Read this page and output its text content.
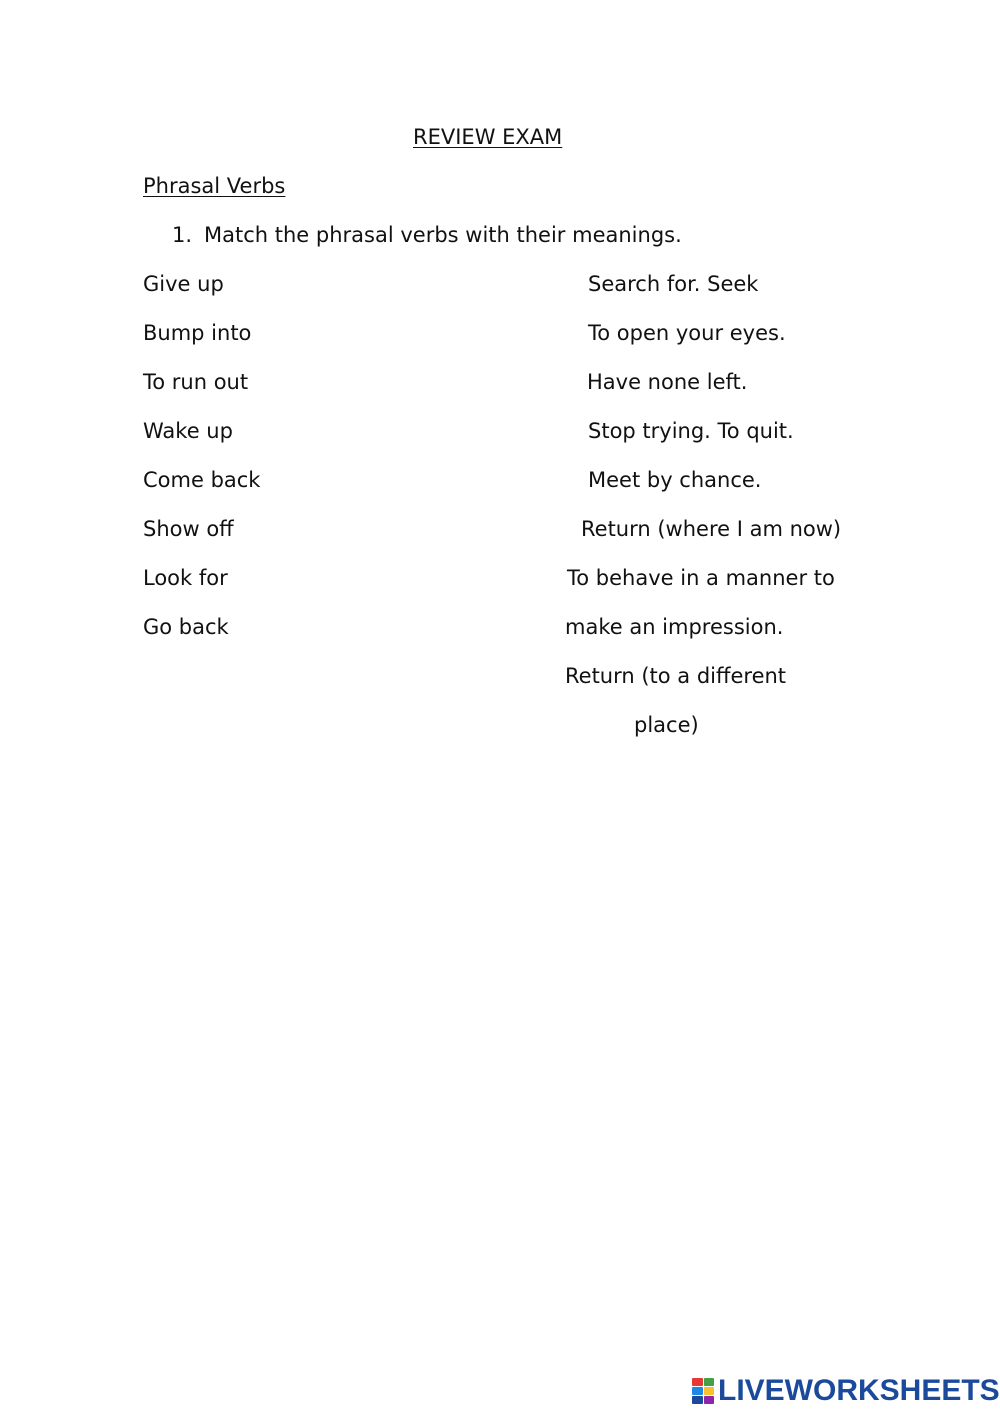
REVIEW EXAM
Phrasal Verbs
1. Match the phrasal verbs with their meanings.
Give up
Bump into
To run out
Wake up
Come back
Show off
Look for
Go back
Search for. Seek
To open your eyes.
Have none left.
Stop trying. To quit.
Meet by chance.
Return (where I am now)
To behave in a manner to
make an impression.
Return (to a different
place)
LIVEWORKSHEETS
